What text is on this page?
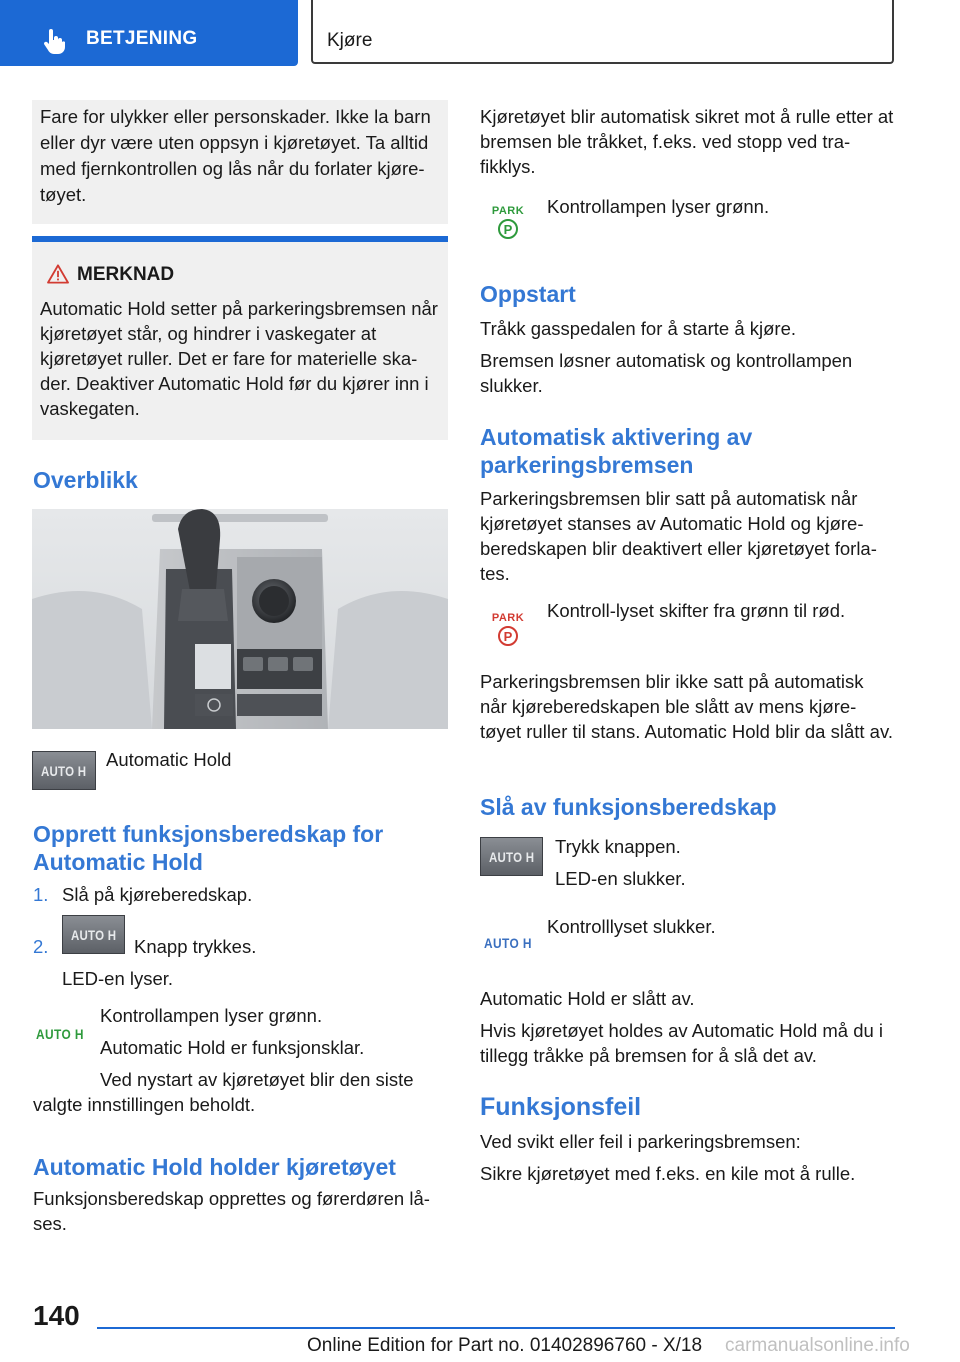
BETJENING	Kjøre

Fare for ulykker eller personskader. Ikke la barn eller dyr være uten oppsyn i kjøretøyet. Ta alltid med fjernkontrollen og lås når du forlater kjøre-tøyet.

MERKNAD

Automatic Hold setter på parkeringsbremsen når kjøretøyet står, og hindrer i vaskegater at kjøretøyet ruller. Det er fare for materielle ska-der. Deaktiver Automatic Hold før du kjører inn i vaskegaten.

Overblikk
AUTO H
Automatic Hold
Opprett funksjonsberedskap for Automatic Hold
1. Slå på kjøreberedskap.
2.
AUTO H
Knapp trykkes.
LED-en lyser.
AUTO H
Kontrollampen lyser grønn.
Automatic Hold er funksjonsklar.
Ved nystart av kjøretøyet blir den siste
valgte innstillingen beholdt.
Automatic Hold holder kjøretøyet

Funksjonsberedskap opprettes og førerdøren lå-ses.

Kjøretøyet blir automatisk sikret mot å rulle etter at bremsen ble tråkket, f.eks. ved stopp ved tra-fikklys.

PARK
P
Kontrollampen lyser grønn.
Oppstart

Tråkk gasspedalen for å starte å kjøre.

Bremsen løsner automatisk og kontrollampen slukker.

Automatisk aktivering av parkeringsbremsen

Parkeringsbremsen blir satt på automatisk når kjøretøyet stanses av Automatic Hold og kjøre-beredskapen blir deaktivert eller kjøretøyet forla-tes.

PARK
P
Kontroll-lyset skifter fra grønn til rød.

Parkeringsbremsen blir ikke satt på automatisk når kjøreberedskapen ble slått av mens kjøre-tøyet ruller til stans. Automatic Hold blir da slått av.

Slå av funksjonsberedskap
AUTO H Trykk knappen.
LED-en slukker.
AUTO H
Kontrolllyset slukker.

Automatic Hold er slått av.

Hvis kjøretøyet holdes av Automatic Hold må du i tillegg tråkke på bremsen for å slå det av.

Funksjonsfeil

Ved svikt eller feil i parkeringsbremsen:

Sikre kjøretøyet med f.eks. en kile mot å rulle.

140
Online Edition for Part no. 01402896760 - X/18 carmanualsonline.info
